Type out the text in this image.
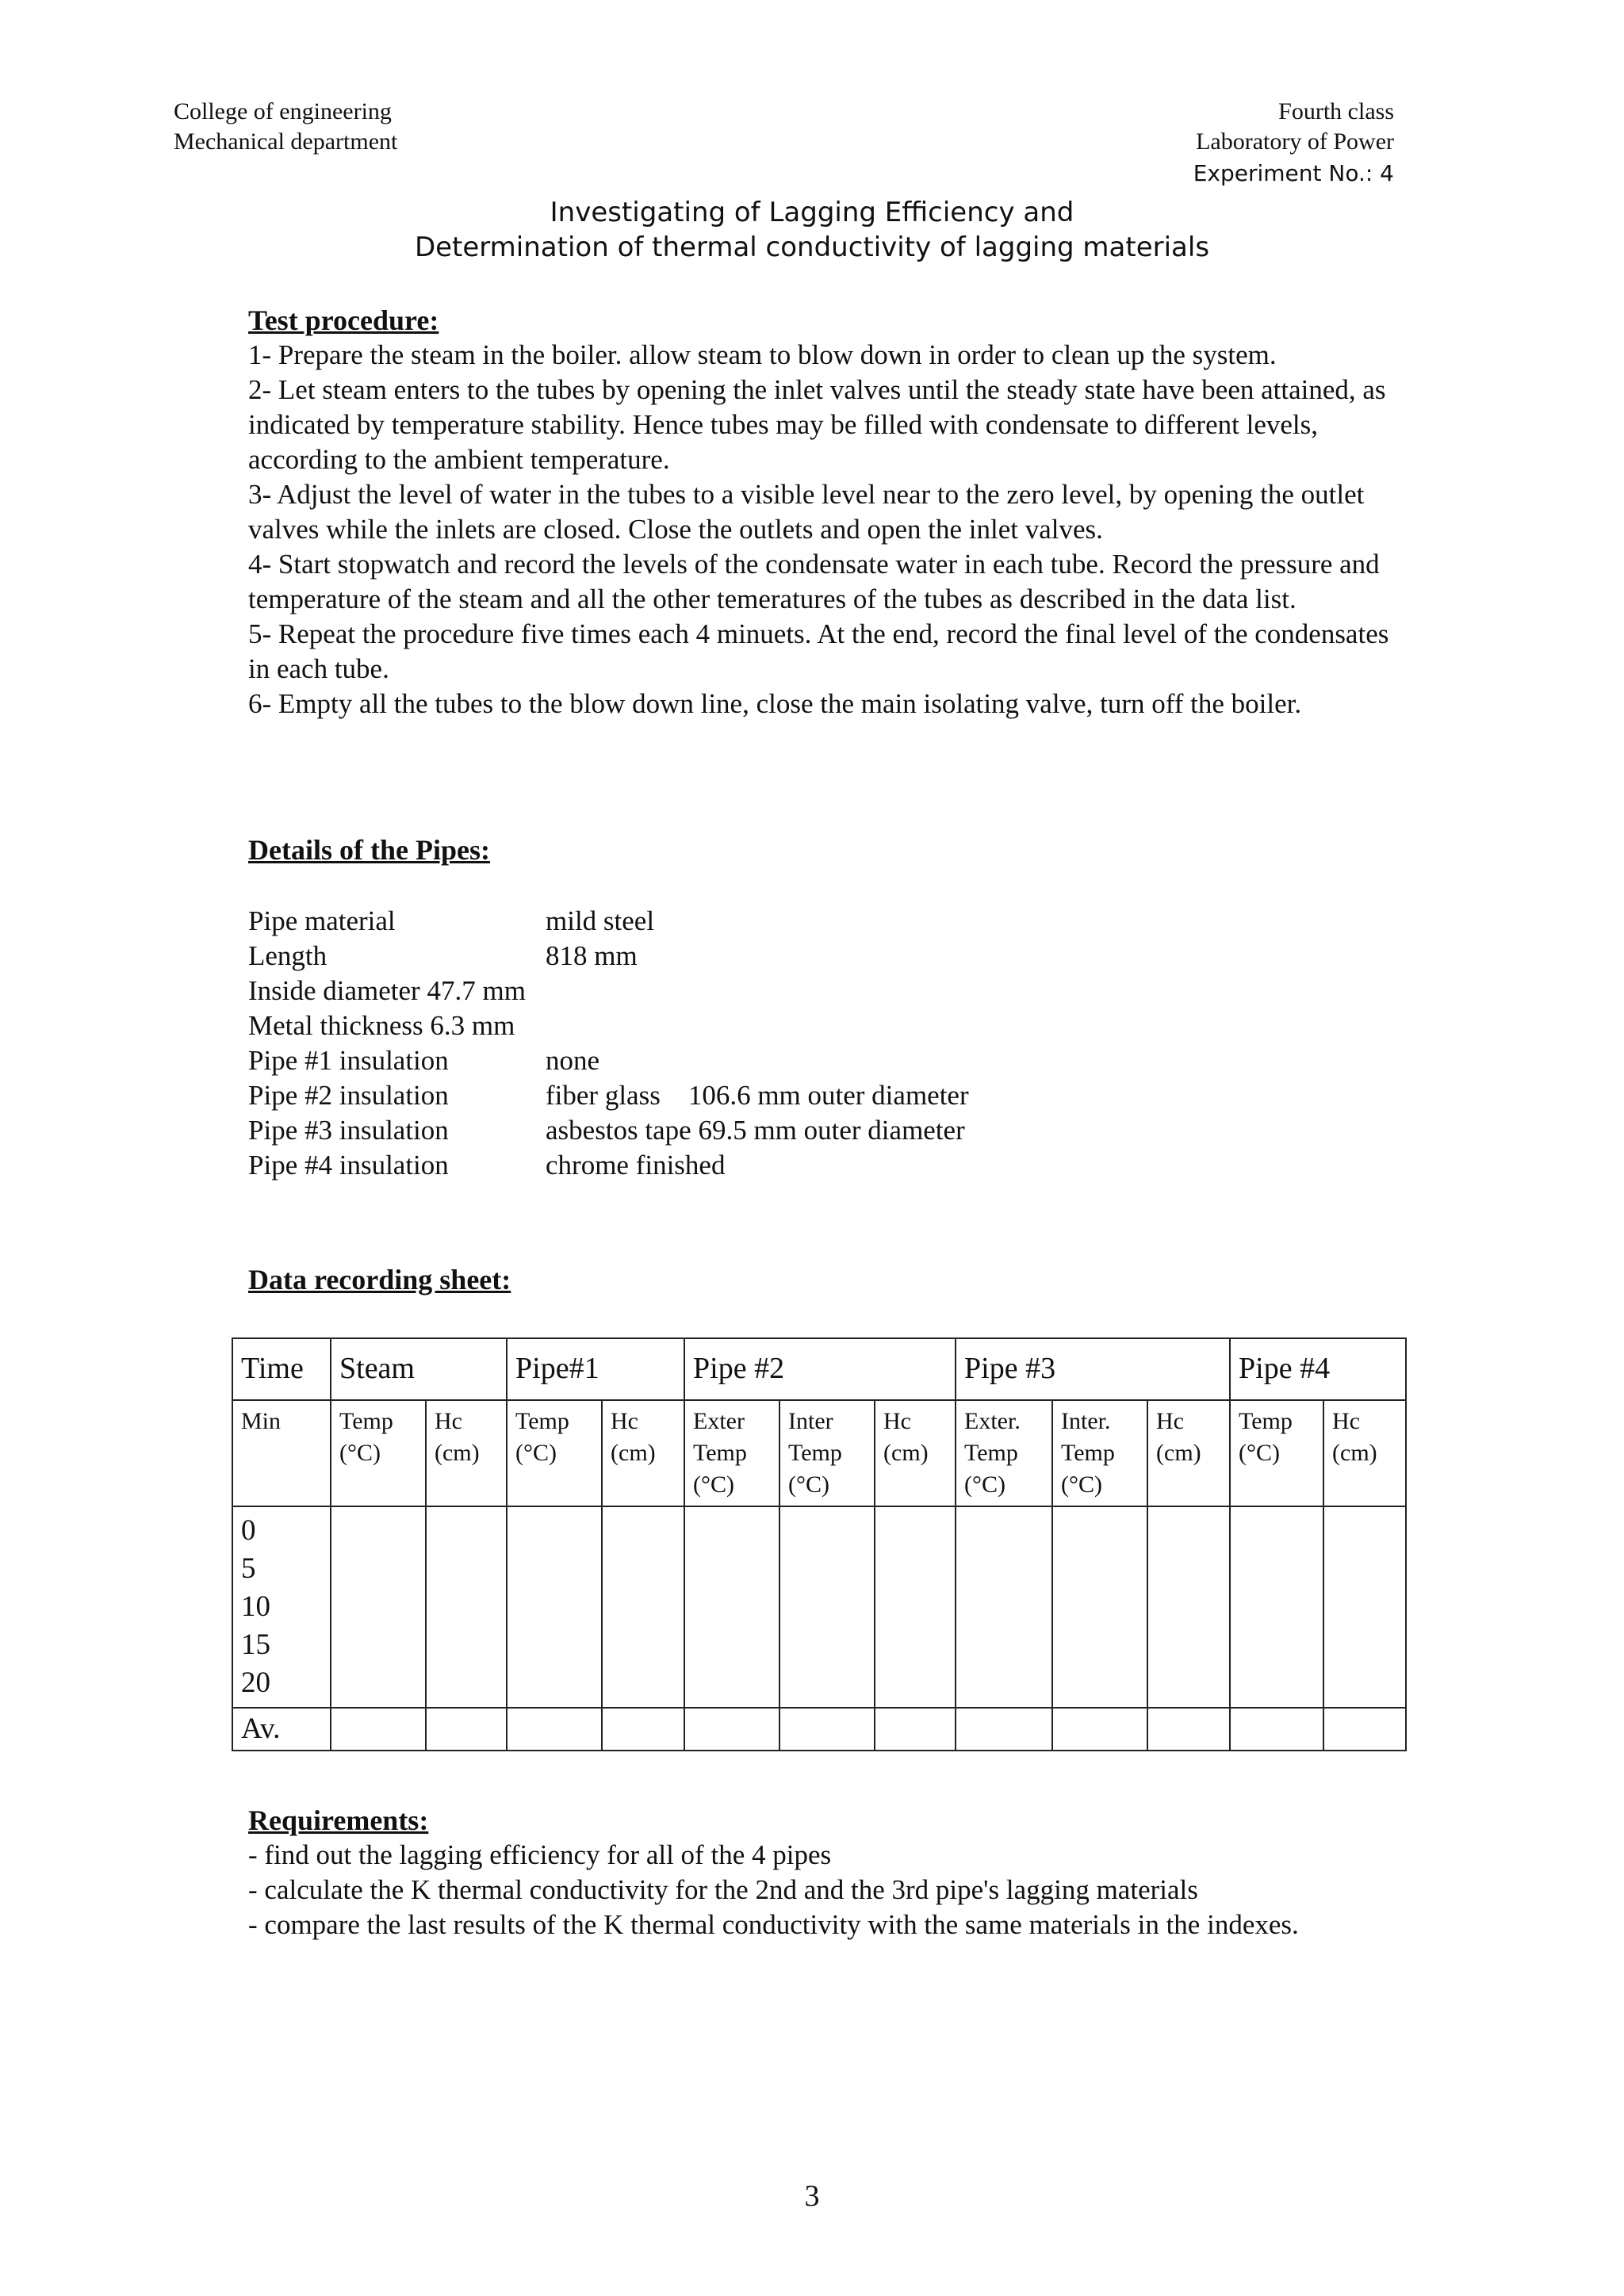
College of engineering
Mechanical department
Fourth class
Laboratory of Power
Experiment No.: 4
Investigating of Lagging Efficiency and
Determination of thermal conductivity of lagging materials
Test procedure:

1- Prepare the steam in the boiler. allow steam to blow down in order to clean up the system.

2- Let steam enters to the tubes by opening the inlet valves until the steady state have been attained, as indicated by temperature stability. Hence tubes may be filled with condensate to different levels, according to the ambient temperature.

3- Adjust the level of water in the tubes to a visible level near to the zero level, by opening the outlet valves while the inlets are closed. Close the outlets and open the inlet valves.

4- Start stopwatch and record the levels of the condensate water in each tube. Record the pressure and temperature of the steam and all the other temeratures of the tubes as described in the data list.

5- Repeat the procedure five times each 4 minuets. At the end, record the final level of the condensates in each tube.

6- Empty all the tubes to the blow down line, close the main isolating valve, turn off the boiler.

Details of the Pipes:
Pipe material	mild steel
Length	818 mm
Inside diameter 47.7 mm
Metal thickness 6.3 mm
Pipe #1 insulation	none
Pipe #2 insulation	fiber glass    106.6 mm outer diameter
Pipe #3 insulation	asbestos tape 69.5 mm outer diameter
Pipe #4 insulation	chrome finished
Data recording sheet:
Time	Steam		Pipe#1		Pipe #2			Pipe #3			Pipe #4	
Min	Temp (°C)	Hc (cm)	Temp (°C)	Hc (cm)	Exter Temp (°C)	Inter Temp (°C)	Hc (cm)	Exter. Temp (°C)	Inter. Temp (°C)	Hc (cm)	Temp (°C)	Hc (cm)

0
5
10
15
20												

Av.												
Requirements:

- find out the lagging efficiency for all of the 4 pipes

- calculate the K thermal conductivity for the 2nd and the 3rd pipe's lagging materials

- compare the last results of the K thermal conductivity with the same materials in the indexes.

3
